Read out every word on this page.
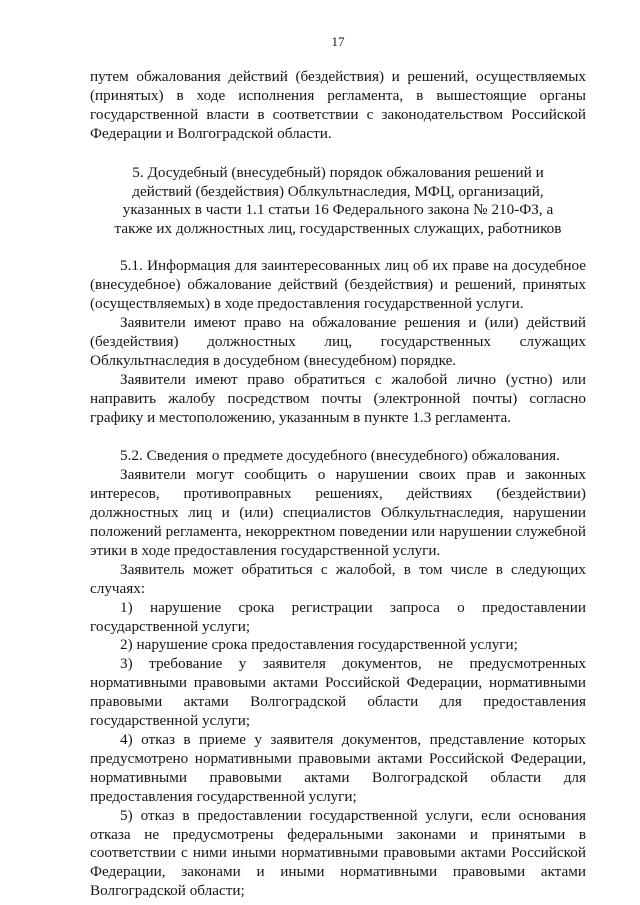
17

путем обжалования действий (бездействия) и решений, осуществляемых (принятых) в ходе исполнения регламента, в вышестоящие органы государственной власти в соответствии с законодательством Российской Федерации и Волгоградской области.

5. Досудебный (внесудебный) порядок обжалования решений и действий (бездействия) Облкультнаследия, МФЦ, организаций, указанных в части 1.1 статьи 16 Федерального закона № 210-ФЗ, а также их должностных лиц, государственных служащих, работников

5.1. Информация для заинтересованных лиц об их праве на досудебное (внесудебное) обжалование действий (бездействия) и решений, принятых (осуществляемых) в ходе предоставления государственной услуги.

Заявители имеют право на обжалование решения и (или) действий (бездействия) должностных лиц, государственных служащих Облкультнаследия в досудебном (внесудебном) порядке.

Заявители имеют право обратиться с жалобой лично (устно) или направить жалобу посредством почты (электронной почты) согласно графику и местоположению, указанным в пункте 1.3 регламента.

5.2. Сведения о предмете досудебного (внесудебного) обжалования.

Заявители могут сообщить о нарушении своих прав и законных интересов, противоправных решениях, действиях (бездействии) должностных лиц и (или) специалистов Облкультнаследия, нарушении положений регламента, некорректном поведении или нарушении служебной этики в ходе предоставления государственной услуги.

Заявитель может обратиться с жалобой, в том числе в следующих случаях:

1) нарушение срока регистрации запроса о предоставлении государственной услуги;

2) нарушение срока предоставления государственной услуги;

3) требование у заявителя документов, не предусмотренных нормативными правовыми актами Российской Федерации, нормативными правовыми актами Волгоградской области для предоставления государственной услуги;

4) отказ в приеме у заявителя документов, представление которых предусмотрено нормативными правовыми актами Российской Федерации, нормативными правовыми актами Волгоградской области для предоставления государственной услуги;

5) отказ в предоставлении государственной услуги, если основания отказа не предусмотрены федеральными законами и принятыми в соответствии с ними иными нормативными правовыми актами Российской Федерации, законами и иными нормативными правовыми актами Волгоградской области;
